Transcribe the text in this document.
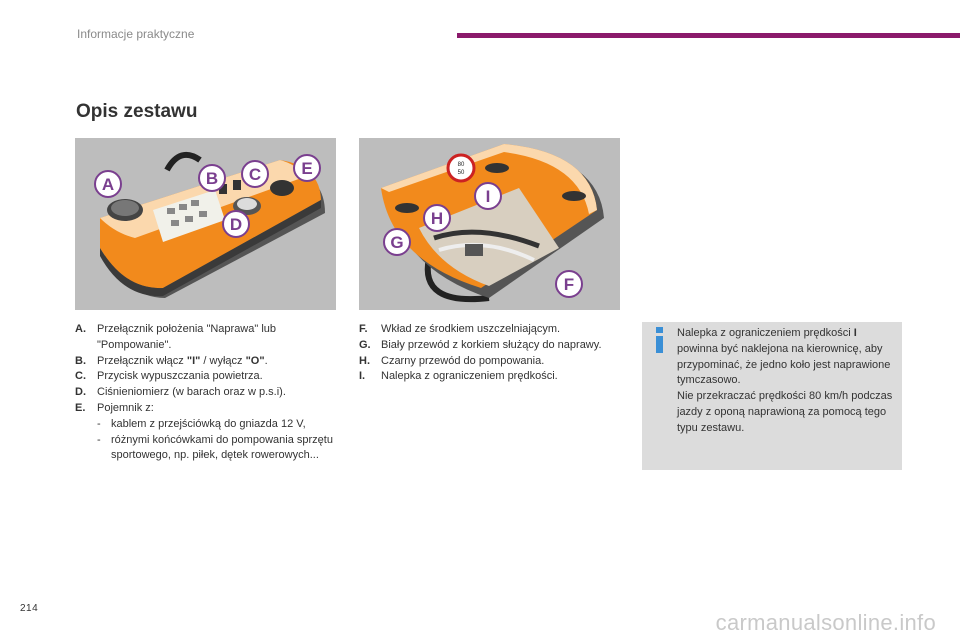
Informacje praktyczne
Opis zestawu
A	B C
D
E	80
50
F
G
H
I
A.	Przełącznik położenia "Naprawa" lub "Pompowanie".
B.	Przełącznik włącz "I" / wyłącz "O".
C.	Przycisk wypuszczania powietrza.
D.	Ciśnieniomierz (w barach oraz w p.s.i).
E.	Pojemnik z:
- kablem z przejściówką do gniazda 12 V,
- różnymi końcówkami do pompowania sprzętu sportowego, np. piłek, dętek rowerowych...
F.	Wkład ze środkiem uszczelniającym.
G. Biały przewód z korkiem służący do naprawy.
H.	Czarny przewód do pompowania.
I.	Nalepka z ograniczeniem prędkości.
Nalepka z ograniczeniem prędkości I powinna być naklejona na kierownicę, aby przypominać, że jedno koło jest naprawione tymczasowo.
Nie przekraczać prędkości 80 km/h podczas jazdy z oponą naprawioną za pomocą tego typu zestawu.
214
carmanualsonline.info
